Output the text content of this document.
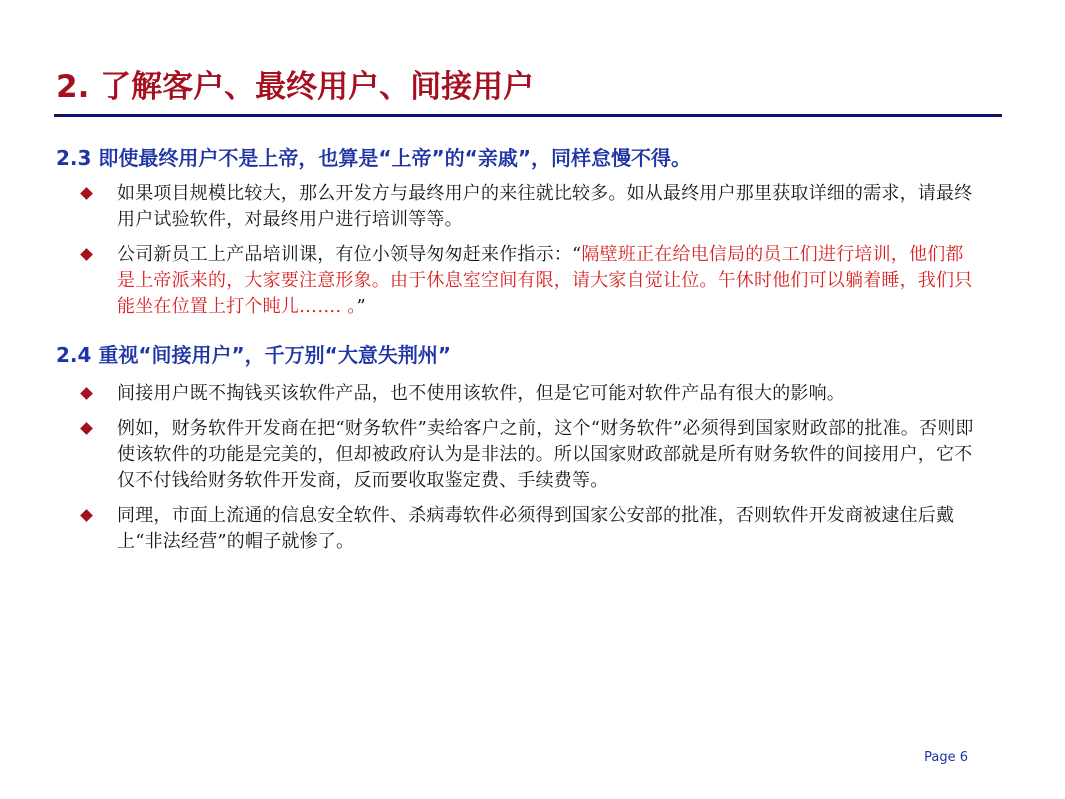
2. 了解客户、最终用户、间接用户
2.3 即使最终用户不是上帝，也算是“上帝”的“亲戚”，同样怠慢不得。
如果项目规模比较大，那么开发方与最终用户的来往就比较多。如从最终用户那里获取详细的需求，请最终用户试验软件，对最终用户进行培训等等。
公司新员工上产品培训课，有位小领导匆匆赶来作指示：“隔壁班正在给电信局的员工们进行培训，他们都是上帝派来的，大家要注意形象。由于休息室空间有限，请大家自觉让位。午休时他们可以躺着睡，我们只能坐在位置上打个盹儿……. 。”
2.4 重视“间接用户”，千万别“大意失荆州”
间接用户既不掏钱买该软件产品，也不使用该软件，但是它可能对软件产品有很大的影响。
例如，财务软件开发商在把“财务软件”卖给客户之前，这个“财务软件”必须得到国家财政部的批准。否则即使该软件的功能是完美的，但却被政府认为是非法的。所以国家财政部就是所有财务软件的间接用户，它不仅不付钱给财务软件开发商，反而要收取鉴定费、手续费等。
同理，市面上流通的信息安全软件、杀病毒软件必须得到国家公安部的批准，否则软件开发商被逮住后戴上“非法经营”的帽子就惨了。
Page 6
